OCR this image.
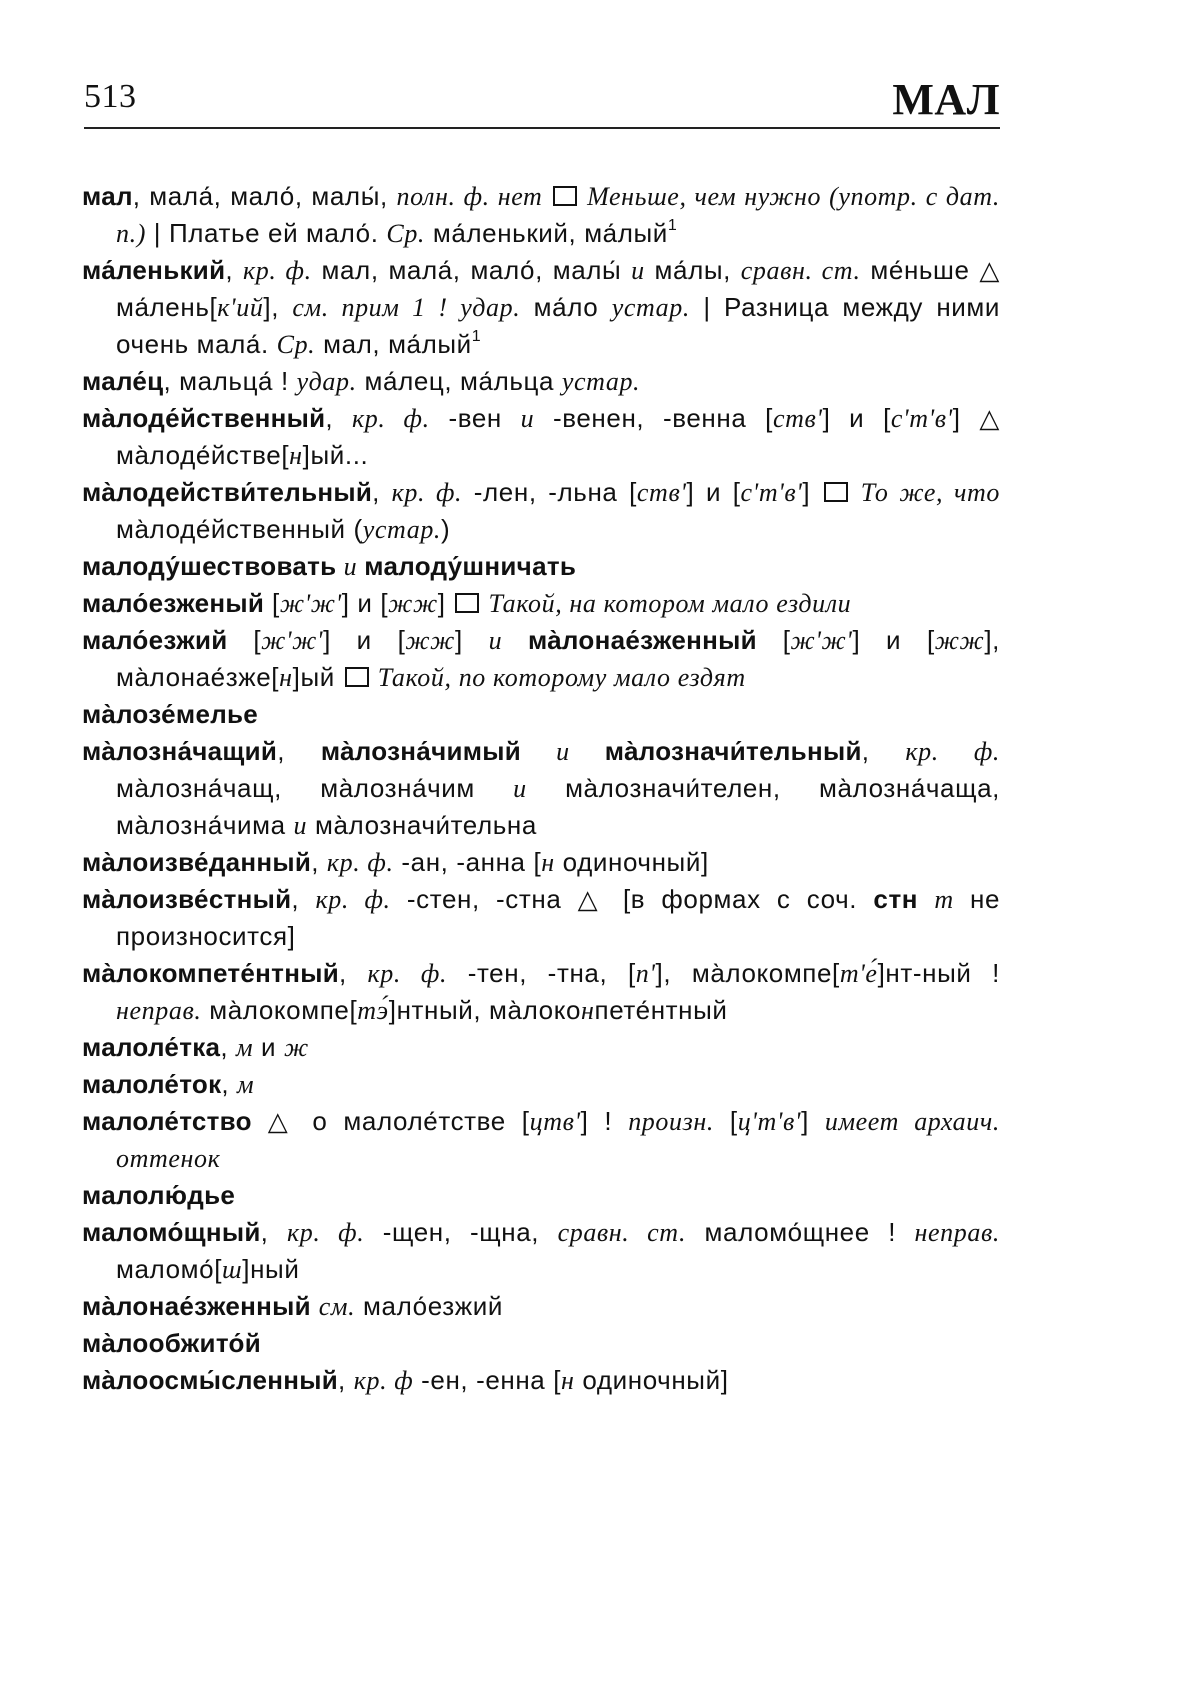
513	МАЛ
мал, мала́, мало́, малы́, полн. ф. нет  Меньше, чем нужно (употр. с дат. п.) | Платье ей мало́. Ср. ма́ленький, ма́лый$^1$
ма́ленький, кр. ф. мал, мала́, мало́, малы́ и ма́лы, сравн. ст. ме́ньше △ ма́лень[к'ий], см. прим 1 ! удар. ма́ло устар. | Разница между ними очень мала́. Ср. мал, ма́лый$^1$
мале́ц, мальца́ ! удар. ма́лец, ма́льца устар.
ма̀лоде́йственный, кр. ф. -вен и -венен, -венна [ств'] и [с'т'в'] △ ма̀лоде́йстве[н]ый...
ма̀лодействи́тельный, кр. ф. -лен, -льна [ств'] и [с'т'в']  То же, что ма̀лоде́йственный (устар.)
малоду́шествовать и малоду́шничать
мало́езженый [ж'ж'] и [жж]  Такой, на котором мало ездили
мало́езжий [ж'ж'] и [жж] и ма̀лонае́зженный [ж'ж'] и [жж], ма̀лонае́зже[н]ый  Такой, по которому мало ездят
ма̀лозе́мелье
ма̀лозна́чащий, ма̀лозна́чимый и ма̀лозначи́тельный, кр. ф. ма̀лозна́чащ, ма̀лозна́чим и ма̀лозначи́телен, ма̀лозна́чаща, ма̀лозна́чима и ма̀лозначи́тельна
ма̀лоизве́данный, кр. ф. -ан, -анна [н одиночный]
ма̀лоизве́стный, кр. ф. -стен, -стна △ [в формах с соч. стн т не произносится]
ма̀локомпете́нтный, кр. ф. -тен, -тна, [п'], ма̀локомпе[т'е́]нт-ный ! неправ. ма̀локомпе[тэ́]нтный, ма̀локонпете́нтный
малоле́тка, м и ж
малоле́ток, м
малоле́тство △ о малоле́тстве [цтв'] ! произн. [ц'т'в'] имеет архаич. оттенок
малолю́дье
маломо́щный, кр. ф. -щен, -щна, сравн. ст. маломо́щнее ! неправ. маломо́[ш]ный
ма̀лонае́зженный см. мало́езжий
ма̀лообжито́й
ма̀лоосмы́сленный, кр. ф -ен, -енна [н одиночный]
